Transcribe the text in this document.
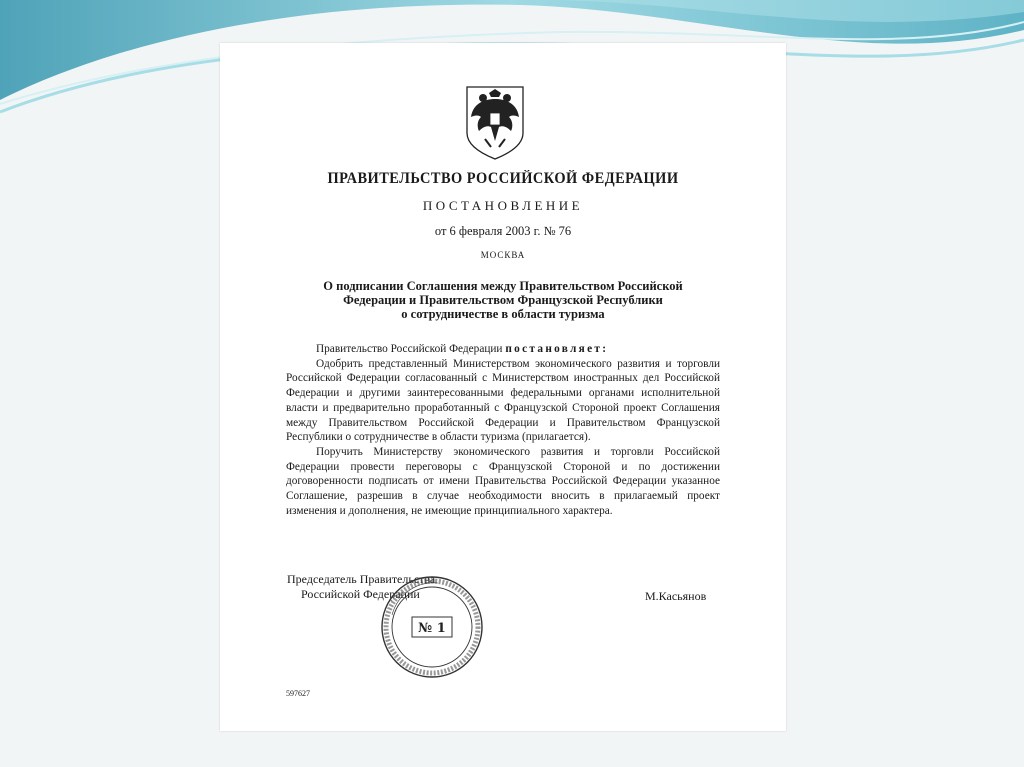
ПРАВИТЕЛЬСТВО РОССИЙСКОЙ ФЕДЕРАЦИИ
ПОСТАНОВЛЕНИЕ
от 6 февраля 2003 г. № 76
МОСКВА
О подписании Соглашения между Правительством Российской
Федерации и Правительством Французской Республики
о сотрудничестве в области туризма

Правительство Российской Федерации постановляет:

Одобрить представленный Министерством экономического развития и торговли Российской Федерации согласованный с Министерством иностранных дел Российской Федерации и другими заинтересованными федеральными органами исполнительной власти и предварительно проработанный с Французской Стороной проект Соглашения между Правительством Российской Федерации и Правительством Французской Республики о сотрудничестве в области туризма (прилагается).

Поручить Министерству экономического развития и торговли Российской Федерации провести переговоры с Французской Стороной и по достижении договоренности подписать от имени Правительства Российской Федерации указанное Соглашение, разрешив в случае необходимости вносить в прилагаемый проект изменения и дополнения, не имеющие принципиального характера.

Председатель Правительства
Российской Федерации	М.Касьянов
№ 1
597627
